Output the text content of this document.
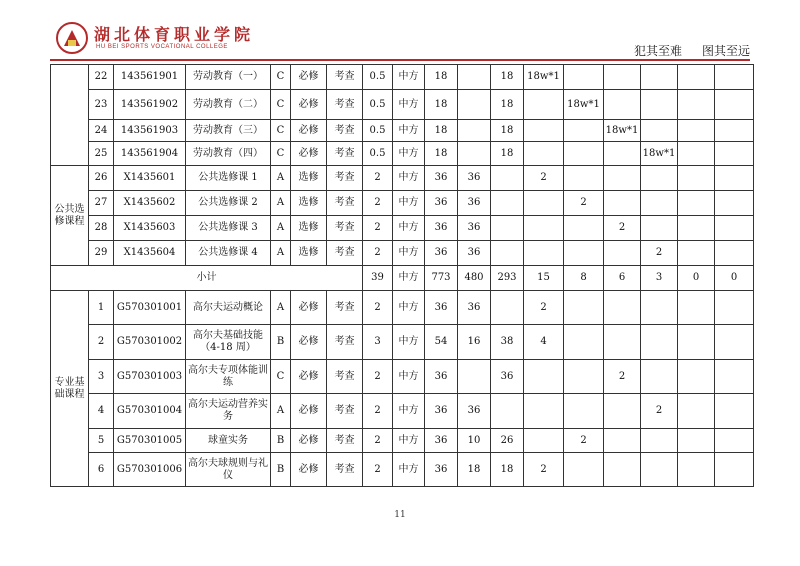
湖北体育职业学院
HU BEI SPORTS VOCATIONAL COLLEGE	犯其至难 图其至远
	22	143561901	劳动教育（一）	C	必修	考查	0.5	中方	18		18	18w*1					
	23	143561902	劳动教育（二）	C	必修	考查	0.5	中方	18		18		18w*1				
	24	143561903	劳动教育（三）	C	必修	考查	0.5	中方	18		18			18w*1			
	25	143561904	劳动教育（四）	C	必修	考查	0.5	中方	18		18				18w*1		
公共选修课程	26	X1435601	公共选修课 1	A	选修	考查	2	中方	36	36		2					
	27	X1435602	公共选修课 2	A	选修	考查	2	中方	36	36			2				
	28	X1435603	公共选修课 3	A	选修	考查	2	中方	36	36				2			
	29	X1435604	公共选修课 4	A	选修	考查	2	中方	36	36					2		
小计							39	中方	773	480	293	15	8	6	3	0	0
专业基础课程	1	G570301001	高尔夫运动概论	A	必修	考查	2	中方	36	36		2					
	2	G570301002	高尔夫基础技能（4-18 周）	B	必修	考查	3	中方	54	16	38	4					
	3	G570301003	高尔夫专项体能训练	C	必修	考查	2	中方	36		36			2			
	4	G570301004	高尔夫运动营养实务	A	必修	考查	2	中方	36	36					2		
	5	G570301005	球童实务	B	必修	考查	2	中方	36	10	26		2				
	6	G570301006	高尔夫球规则与礼仪	B	必修	考查	2	中方	36	18	18	2					
11
